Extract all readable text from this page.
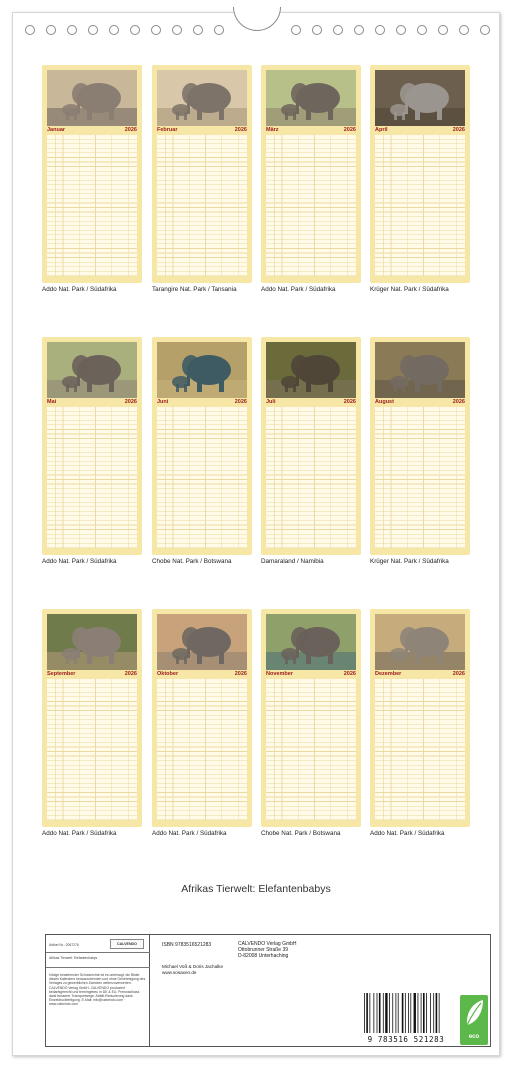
Januar	2026
Addo Nat. Park / Südafrika
Februar	2026
Tarangire Nat. Park / Tansania
März	2026
Addo Nat. Park / Südafrika
April	2026
Krüger Nat. Park / Südafrika
Mai	2026
Addo Nat. Park / Südafrika
Juni	2026
Chobe Nat. Park / Botswana
Juli	2026
Damaraland / Namibia
August	2026
Krüger Nat. Park / Südafrika
September	2026
Addo Nat. Park / Südafrika
Oktober	2026
Addo Nat. Park / Südafrika
November	2026
Chobe Nat. Park / Botswana
Dezember	2026
Addo Nat. Park / Südafrika
Afrikas Tierwelt: Elefantenbabys
Artikel Nr.: 2067276	CALVENDO
Afrikas Tierwelt: Elefantenbabys
Infolge bestehender Schutzrechte ist es untersagt, die Bilder dieses Kalenders herauszutrennen und ohne Genehmigung des Verlages zu gewerblichen Zwecken weiterzuverwerten. CALVENDO Verlag GmbH. CALVENDO produziert bedarfsgerecht und termingetreu in DE & EU. Preisnachlass dank besserer Transportwege. Abfall-Reduzierung dank Einzeldruckfertigung. E-Mail: info@calvendo.com · www.calvendo.com
ISBN 9783516521283
Michael Voß & Doris Jachalke
www.sosaxen.de
CALVENDO Verlag GmbH
Ottobrunner Straße 39
D-82008 Unterhaching
9 783516 521283	eco
